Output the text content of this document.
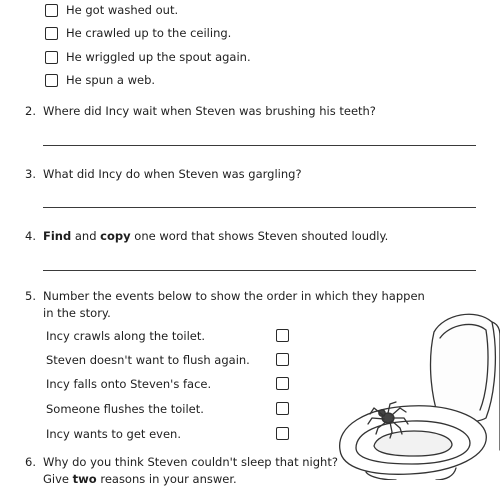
He got washed out.
He crawled up to the ceiling.
He wriggled up the spout again.
He spun a web.
2. Where did Incy wait when Steven was brushing his teeth?
3. What did Incy do when Steven was gargling?
4. Find and copy one word that shows Steven shouted loudly.
5. Number the events below to show the order in which they happen
in the story.
Incy crawls along the toilet.
Steven doesn't want to flush again.
Incy falls onto Steven's face.
Someone flushes the toilet.
Incy wants to get even.
6. Why do you think Steven couldn't sleep that night?
Give two reasons in your answer.
